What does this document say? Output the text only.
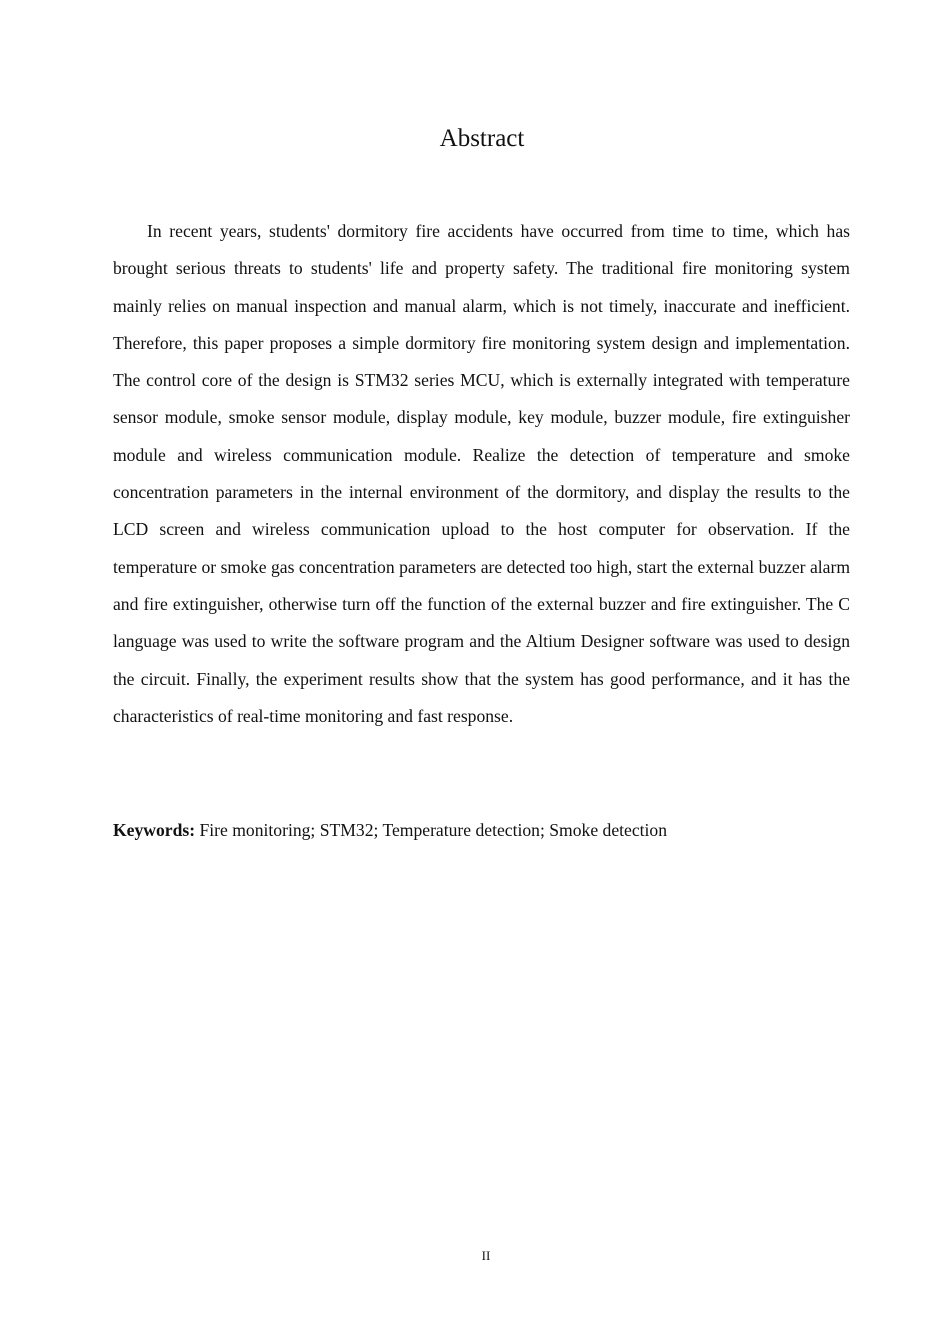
Abstract

In recent years, students' dormitory fire accidents have occurred from time to time, which has brought serious threats to students' life and property safety. The traditional fire monitoring system mainly relies on manual inspection and manual alarm, which is not timely, inaccurate and inefficient. Therefore, this paper proposes a simple dormitory fire monitoring system design and implementation. The control core of the design is STM32 series MCU, which is externally integrated with temperature sensor module, smoke sensor module, display module, key module, buzzer module, fire extinguisher module and wireless communication module. Realize the detection of temperature and smoke concentration parameters in the internal environment of the dormitory, and display the results to the LCD screen and wireless communication upload to the host computer for observation. If the temperature or smoke gas concentration parameters are detected too high, start the external buzzer alarm and fire extinguisher, otherwise turn off the function of the external buzzer and fire extinguisher. The C language was used to write the software program and the Altium Designer software was used to design the circuit. Finally, the experiment results show that the system has good performance, and it has the characteristics of real-time monitoring and fast response.

Keywords: Fire monitoring; STM32; Temperature detection; Smoke detection

II
